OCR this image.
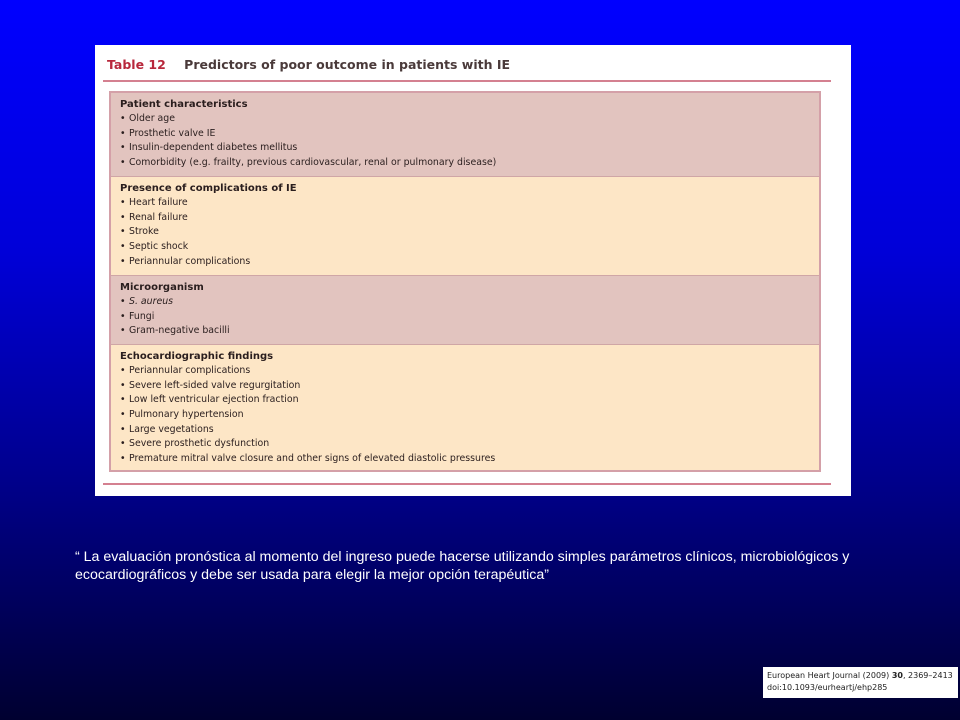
Table 12 Predictors of poor outcome in patients with IE
Patient characteristics
• Older age
• Prosthetic valve IE
• Insulin-dependent diabetes mellitus
• Comorbidity (e.g. frailty, previous cardiovascular, renal or pulmonary disease)
Presence of complications of IE
• Heart failure
• Renal failure
• Stroke
• Septic shock
• Periannular complications
Microorganism
• S. aureus
• Fungi
• Gram-negative bacilli
Echocardiographic findings
• Periannular complications
• Severe left-sided valve regurgitation
• Low left ventricular ejection fraction
• Pulmonary hypertension
• Large vegetations
• Severe prosthetic dysfunction
• Premature mitral valve closure and other signs of elevated diastolic pressures
“ La evaluación pronóstica al momento del ingreso puede hacerse utilizando simples parámetros clínicos, microbiológicos y ecocardiográficos y debe ser usada para elegir la mejor opción terapéutica”
European Heart Journal (2009) 30, 2369–2413
doi:10.1093/eurheartj/ehp285
